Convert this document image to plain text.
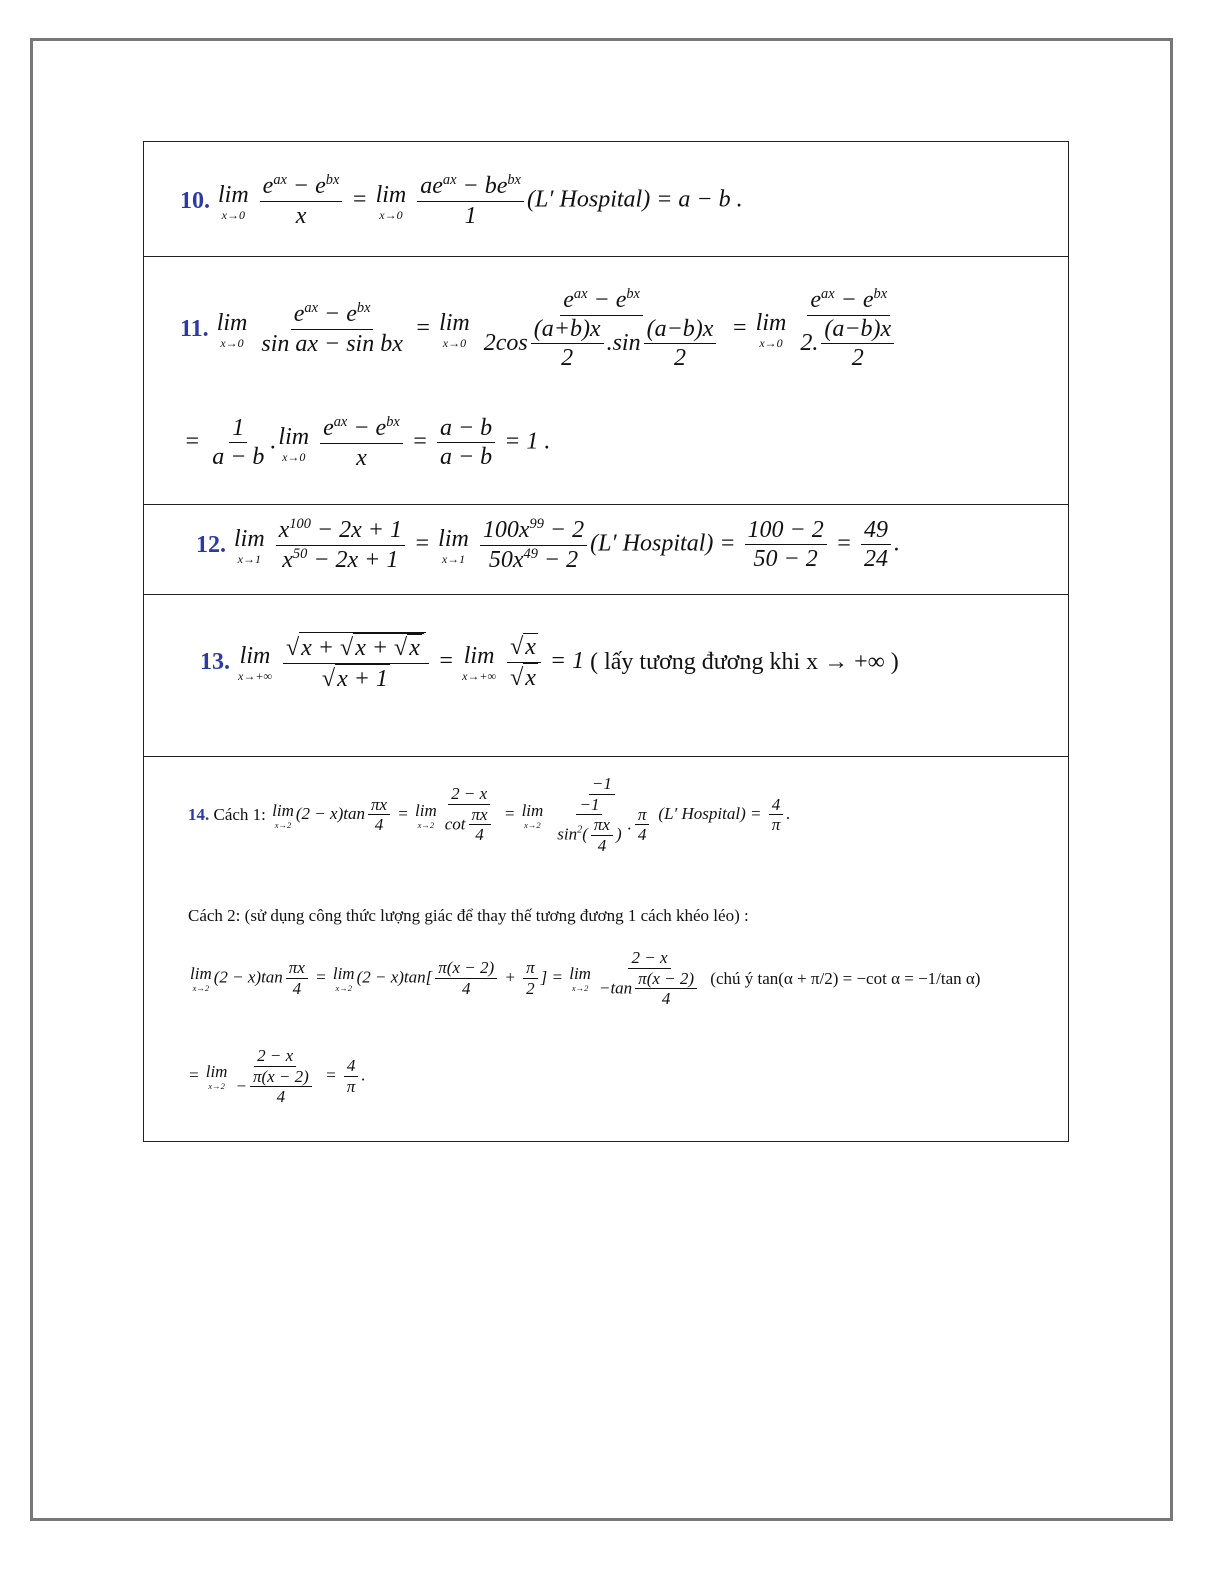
10.
lim
x→0
$\frac{e^{ax} - e^{bx}}{x} = \lim$
x→0
$\frac{ae^{ax} - be^{bx}}{1} (L'$ Hospital) = a − b .
11.
lim
x→0
$\frac{e^{ax} - e^{bx}}{\text{sin ax − sin bx}} = \lim$
x→0
$\frac{e^{ax} - e^{bx}}{2\cos \frac{(a+b)x}{2} .\sin \frac{(a-b)x}{2}} = \lim$
x→0
$\frac{e^{ax} - e^{bx}}{2. \frac{(a-b)x}{2}}$
= $\frac{1}{a - b} .\lim$
x→0
$\frac{e^{ax} - e^{bx}}{x} = \frac{a - b}{a - b} = 1$ .
12.
lim
x→1
$\frac{x^{100} - 2x + 1}{x^{50} - 2x + 1} = \lim$
x→1
$\frac{100x^{99} - 2}{50x^{49} - 2} (L'$ Hospital) = $\frac{100 - 2}{50 - 2} = \frac{49}{24}$ .
13.
lim
x→+∞
$\frac{√x + √x + √x}{√x + 1} = \lim$
x→+∞
$\frac{√x}{√x} = 1$
( lấy tương đương khi x → +∞ )
14.
Cách 1:
lim
x→2
$(2 - x)\tan \frac{\pi x}{4} = \lim$
$x\to 2 \frac{2 - x}{\cot \frac{\pi x}{4}} = \lim$
$x\to 2 \frac{-1}{\frac{-1}{\sin^2( \frac{\pi x}{4} )} . \frac{\pi}{4}} (L'$ Hospital) = $\frac{4}{\pi}$ .
Cách 2: (sử dụng công thức lượng giác để thay thế tương đương 1 cách khéo léo) :
lim
x→2
$(2 - x)\tan \frac{\pi x}{4} = \lim$
x→2
$(2 - x)\tan[ \frac{\pi(x - 2)}{4} + \frac{\pi}{2}$ ] = lim
$x\to 2 \frac{2 - x}{-\tan \frac{\pi(x - 2)}{4}}$
(chú ý tan(α + π/2) = −cot α = −1/tan α)
= lim
$x\to 2 \frac{2 - x}{- \frac{\pi(x - 2)}{4}} = \frac{4}{\pi}$ .
